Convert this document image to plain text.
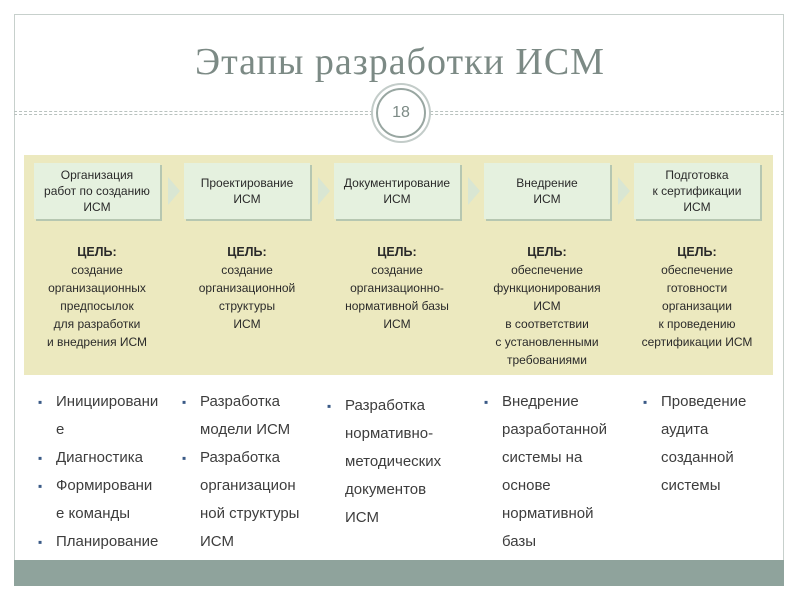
Этапы разработки ИСМ
18
Организация
работ по созданию
ИСМ
Проектирование
ИСМ
Документирование
ИСМ
Внедрение
ИСМ
Подготовка
к сертификации
ИСМ
ЦЕЛЬ:
создание
организационных
предпосылок
для разработки
и внедрения ИСМ
ЦЕЛЬ:
создание
организационной
структуры
ИСМ
ЦЕЛЬ:
создание
организационно-
нормативной базы
ИСМ
ЦЕЛЬ:
обеспечение
функционирования
ИСМ
в соответствии
с установленными
требованиями
ЦЕЛЬ:
обеспечение
готовности
организации
к проведению
сертификации ИСМ
▪ Инициировани
е
▪ Диагностика
▪ Формировани
е команды
▪ Планирование
▪ Разработка
модели ИСМ
▪ Разработка
организацион
ной структуры
ИСМ
▪ Разработка
нормативно-
методических
документов
ИСМ
▪ Внедрение
разработанной
системы на
основе
нормативной
базы
▪ Проведение
аудита
созданной
системы
